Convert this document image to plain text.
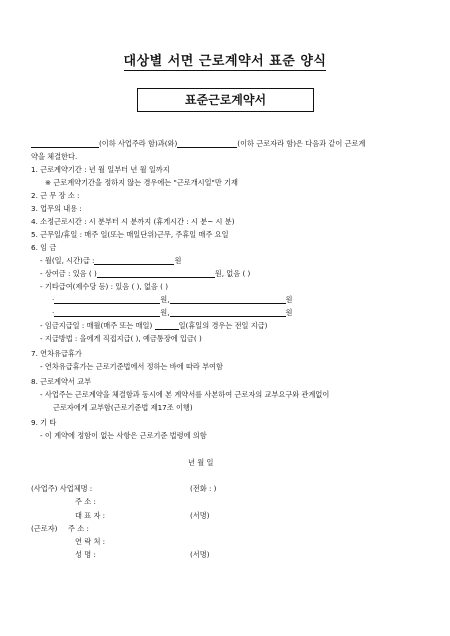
대상별 서면 근로계약서 표준 양식
표준근로계약서
(이하 사업주라 함)과(와)	(이하 근로자라 함)은 다음과 같이 근로계
약을 체결한다.
1. 근로계약기간 : 년 월 일부터 년 월 일까지
※ 근로계약기간을 정하지 않는 경우에는 "근로개시일"만 기재
2. 근 무 장 소 :
3. 업무의 내용 :
4. 소정근로시간 : 시 분부터 시 분까지 (휴게시간 : 시 분~ 시 분)
5. 근무일/휴일 : 매주 일(또는 매일단위)근무, 주휴일 매주 요일
6. 임 금
- 월(일, 시간)급 :	원
- 상여금 : 있음 ( )	원, 없음 ( )
- 기타급여(제수당 등) : 있음 ( ), 없음 ( )
·	원,	원
·	원,	원
- 임금지급일 : 매월(매주 또는 매일)	일(휴일의 경우는 전일 지급)
- 지급방법 : 을에게 직접지급( ), 예금통장에 입금( )
7. 연차유급휴가
- 연차유급휴가는 근로기준법에서 정하는 바에 따라 부여함
8. 근로계약서 교부
- 사업주는 근로계약을 체결함과 동시에 본 계약서를 사본하여 근로자의 교부요구와 관계없이
근로자에게 교부함(근로기준법 제17조 이행)
9. 기 타
- 이 계약에 정함이 없는 사항은 근로기준 법령에 의함
년 월 일
(사업주) 사업체명 :	(전화 : )
주 소 :
대 표 자 :	(서명)
(근로자) 주 소 :
연 락 처 :
성 명 :	(서명)
